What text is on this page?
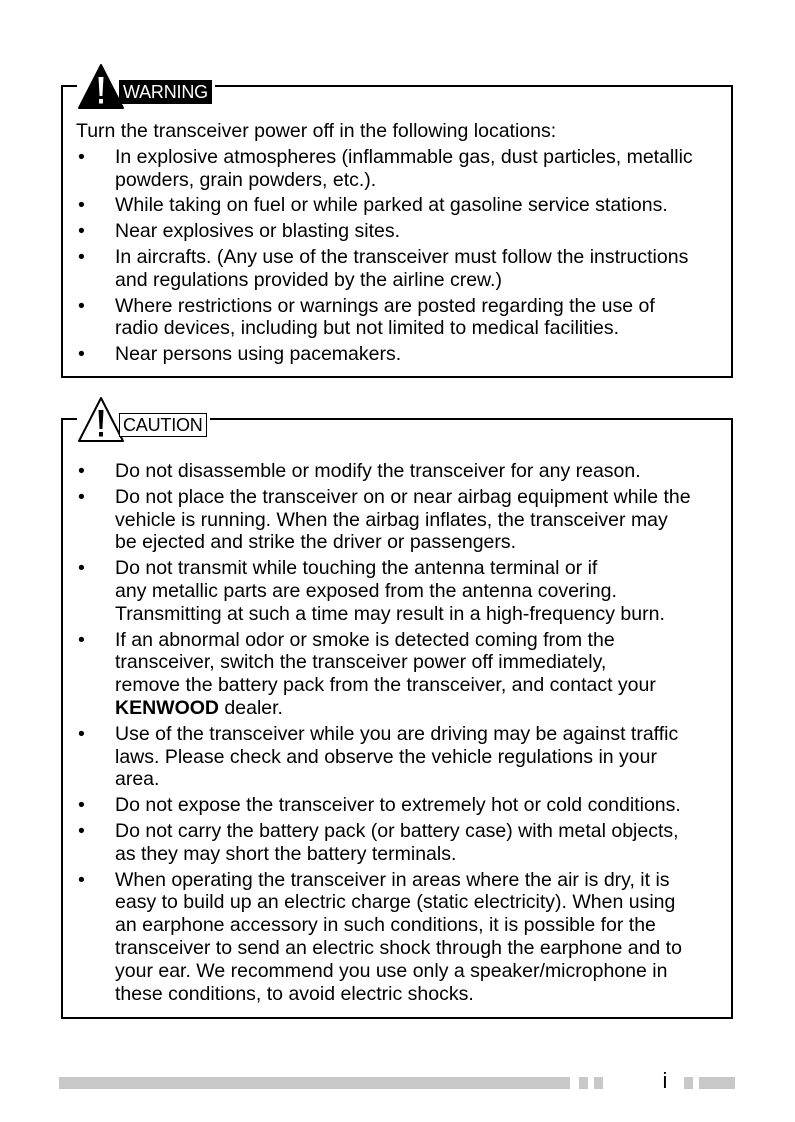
WARNING

Turn the transceiver power off in the following locations:

• In explosive atmospheres (inflammable gas, dust particles, metallic
powders, grain powders, etc.).
• While taking on fuel or while parked at gasoline service stations.
• Near explosives or blasting sites.
• In aircrafts. (Any use of the transceiver must follow the instructions
and regulations provided by the airline crew.)
• Where restrictions or warnings are posted regarding the use of
radio devices, including but not limited to medical facilities.
• Near persons using pacemakers.
CAUTION
• Do not disassemble or modify the transceiver for any reason.
• Do not place the transceiver on or near airbag equipment while the
vehicle is running. When the airbag inflates, the transceiver may
be ejected and strike the driver or passengers.
• Do not transmit while touching the antenna terminal or if
any metallic parts are exposed from the antenna covering.
Transmitting at such a time may result in a high-frequency burn.
• If an abnormal odor or smoke is detected coming from the
transceiver, switch the transceiver power off immediately,
remove the battery pack from the transceiver, and contact your
KENWOOD dealer.
• Use of the transceiver while you are driving may be against traffic
laws. Please check and observe the vehicle regulations in your
area.
• Do not expose the transceiver to extremely hot or cold conditions.
• Do not carry the battery pack (or battery case) with metal objects,
as they may short the battery terminals.
• When operating the transceiver in areas where the air is dry, it is
easy to build up an electric charge (static electricity). When using
an earphone accessory in such conditions, it is possible for the
transceiver to send an electric shock through the earphone and to
your ear. We recommend you use only a speaker/microphone in
these conditions, to avoid electric shocks.
i
